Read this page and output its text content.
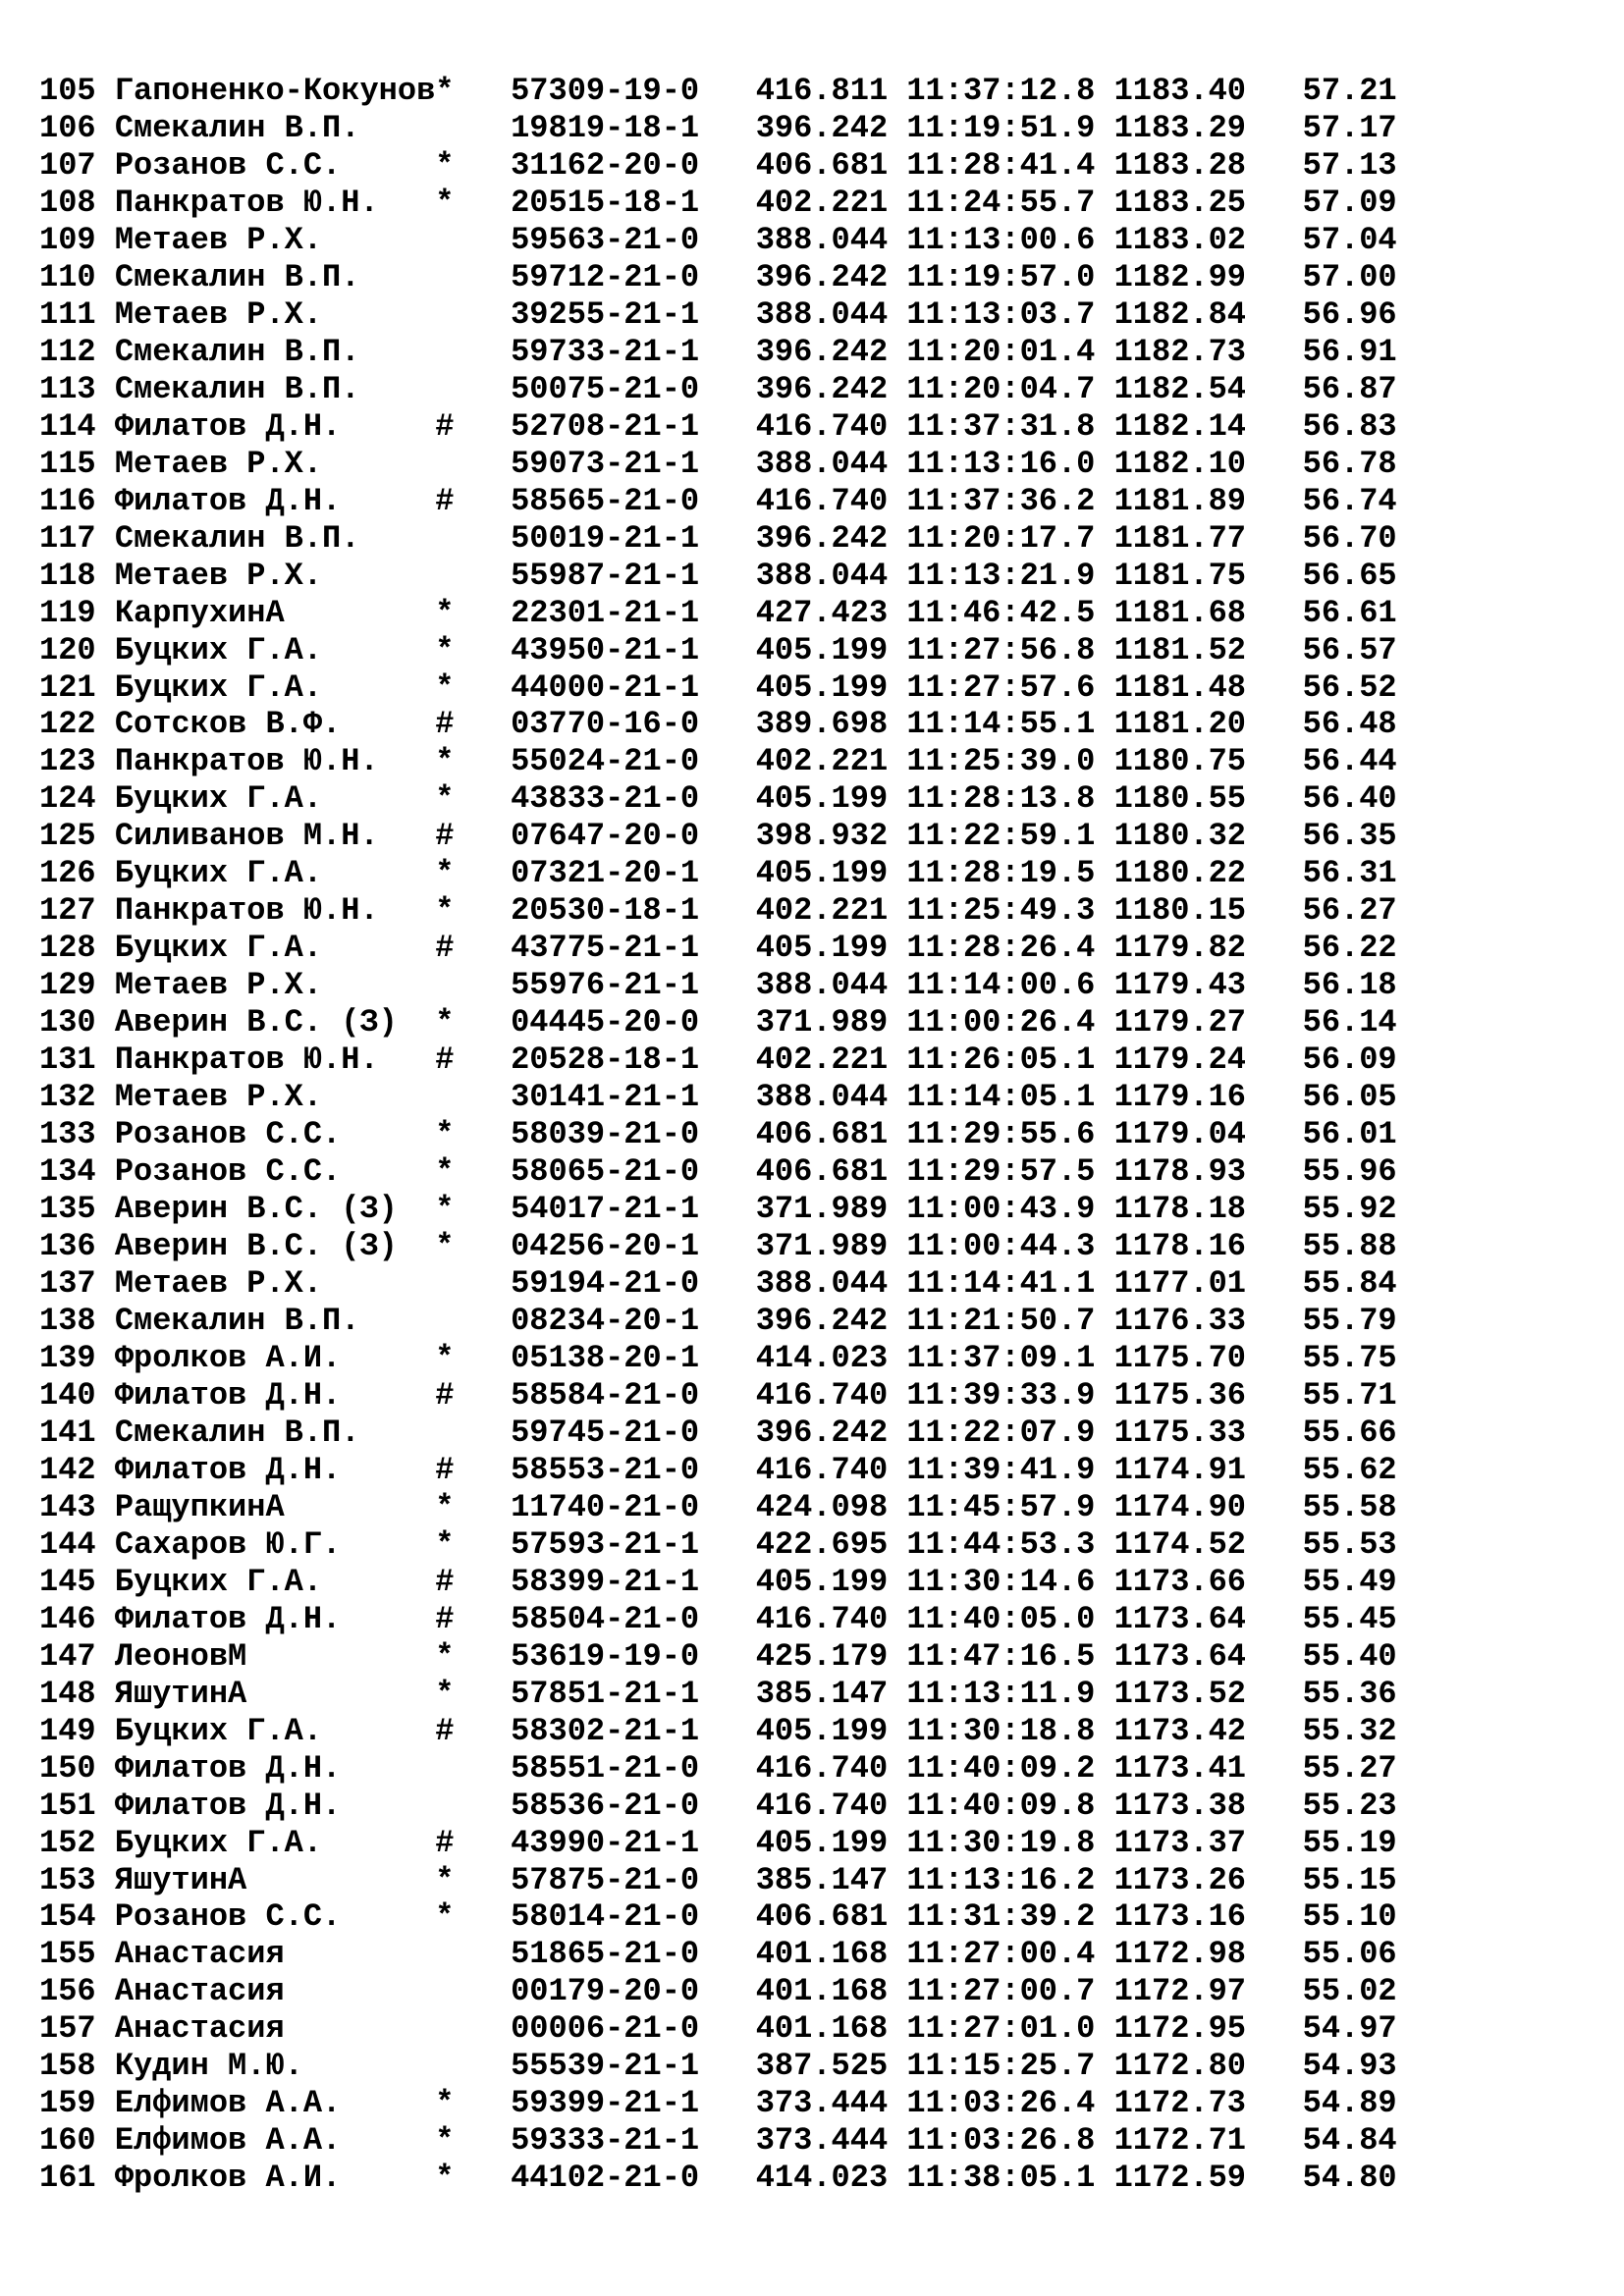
105 Гапоненко-Кокунов*   57309-19-0   416.811 11:37:12.8 1183.40   57.21
106 Смекалин В.П.        19819-18-1   396.242 11:19:51.9 1183.29   57.17
107 Розанов С.С.     *   31162-20-0   406.681 11:28:41.4 1183.28   57.13
108 Панкратов Ю.Н.   *   20515-18-1   402.221 11:24:55.7 1183.25   57.09
109 Метаев Р.Х.          59563-21-0   388.044 11:13:00.6 1183.02   57.04
110 Смекалин В.П.        59712-21-0   396.242 11:19:57.0 1182.99   57.00
111 Метаев Р.Х.          39255-21-1   388.044 11:13:03.7 1182.84   56.96
112 Смекалин В.П.        59733-21-1   396.242 11:20:01.4 1182.73   56.91
113 Смекалин В.П.        50075-21-0   396.242 11:20:04.7 1182.54   56.87
114 Филатов Д.Н.     #   52708-21-1   416.740 11:37:31.8 1182.14   56.83
115 Метаев Р.Х.          59073-21-1   388.044 11:13:16.0 1182.10   56.78
116 Филатов Д.Н.     #   58565-21-0   416.740 11:37:36.2 1181.89   56.74
117 Смекалин В.П.        50019-21-1   396.242 11:20:17.7 1181.77   56.70
118 Метаев Р.Х.          55987-21-1   388.044 11:13:21.9 1181.75   56.65
119 КарпухинА        *   22301-21-1   427.423 11:46:42.5 1181.68   56.61
120 Буцких Г.А.      *   43950-21-1   405.199 11:27:56.8 1181.52   56.57
121 Буцких Г.А.      *   44000-21-1   405.199 11:27:57.6 1181.48   56.52
122 Сотсков В.Ф.     #   03770-16-0   389.698 11:14:55.1 1181.20   56.48
123 Панкратов Ю.Н.   *   55024-21-0   402.221 11:25:39.0 1180.75   56.44
124 Буцких Г.А.      *   43833-21-0   405.199 11:28:13.8 1180.55   56.40
125 Силиванов М.Н.   #   07647-20-0   398.932 11:22:59.1 1180.32   56.35
126 Буцких Г.А.      *   07321-20-1   405.199 11:28:19.5 1180.22   56.31
127 Панкратов Ю.Н.   *   20530-18-1   402.221 11:25:49.3 1180.15   56.27
128 Буцких Г.А.      #   43775-21-1   405.199 11:28:26.4 1179.82   56.22
129 Метаев Р.Х.          55976-21-1   388.044 11:14:00.6 1179.43   56.18
130 Аверин В.С. (З)  *   04445-20-0   371.989 11:00:26.4 1179.27   56.14
131 Панкратов Ю.Н.   #   20528-18-1   402.221 11:26:05.1 1179.24   56.09
132 Метаев Р.Х.          30141-21-1   388.044 11:14:05.1 1179.16   56.05
133 Розанов С.С.     *   58039-21-0   406.681 11:29:55.6 1179.04   56.01
134 Розанов С.С.     *   58065-21-0   406.681 11:29:57.5 1178.93   55.96
135 Аверин В.С. (З)  *   54017-21-1   371.989 11:00:43.9 1178.18   55.92
136 Аверин В.С. (З)  *   04256-20-1   371.989 11:00:44.3 1178.16   55.88
137 Метаев Р.Х.          59194-21-0   388.044 11:14:41.1 1177.01   55.84
138 Смекалин В.П.        08234-20-1   396.242 11:21:50.7 1176.33   55.79
139 Фролков А.И.     *   05138-20-1   414.023 11:37:09.1 1175.70   55.75
140 Филатов Д.Н.     #   58584-21-0   416.740 11:39:33.9 1175.36   55.71
141 Смекалин В.П.        59745-21-0   396.242 11:22:07.9 1175.33   55.66
142 Филатов Д.Н.     #   58553-21-0   416.740 11:39:41.9 1174.91   55.62
143 РащупкинА        *   11740-21-0   424.098 11:45:57.9 1174.90   55.58
144 Сахаров Ю.Г.     *   57593-21-1   422.695 11:44:53.3 1174.52   55.53
145 Буцких Г.А.      #   58399-21-1   405.199 11:30:14.6 1173.66   55.49
146 Филатов Д.Н.     #   58504-21-0   416.740 11:40:05.0 1173.64   55.45
147 ЛеоновМ          *   53619-19-0   425.179 11:47:16.5 1173.64   55.40
148 ЯшутинА          *   57851-21-1   385.147 11:13:11.9 1173.52   55.36
149 Буцких Г.А.      #   58302-21-1   405.199 11:30:18.8 1173.42   55.32
150 Филатов Д.Н.         58551-21-0   416.740 11:40:09.2 1173.41   55.27
151 Филатов Д.Н.         58536-21-0   416.740 11:40:09.8 1173.38   55.23
152 Буцких Г.А.      #   43990-21-1   405.199 11:30:19.8 1173.37   55.19
153 ЯшутинА          *   57875-21-0   385.147 11:13:16.2 1173.26   55.15
154 Розанов С.С.     *   58014-21-0   406.681 11:31:39.2 1173.16   55.10
155 Анастасия            51865-21-0   401.168 11:27:00.4 1172.98   55.06
156 Анастасия            00179-20-0   401.168 11:27:00.7 1172.97   55.02
157 Анастасия            00006-21-0   401.168 11:27:01.0 1172.95   54.97
158 Кудин М.Ю.           55539-21-1   387.525 11:15:25.7 1172.80   54.93
159 Елфимов А.А.     *   59399-21-1   373.444 11:03:26.4 1172.73   54.89
160 Елфимов А.А.     *   59333-21-1   373.444 11:03:26.8 1172.71   54.84
161 Фролков А.И.     *   44102-21-0   414.023 11:38:05.1 1172.59   54.80
